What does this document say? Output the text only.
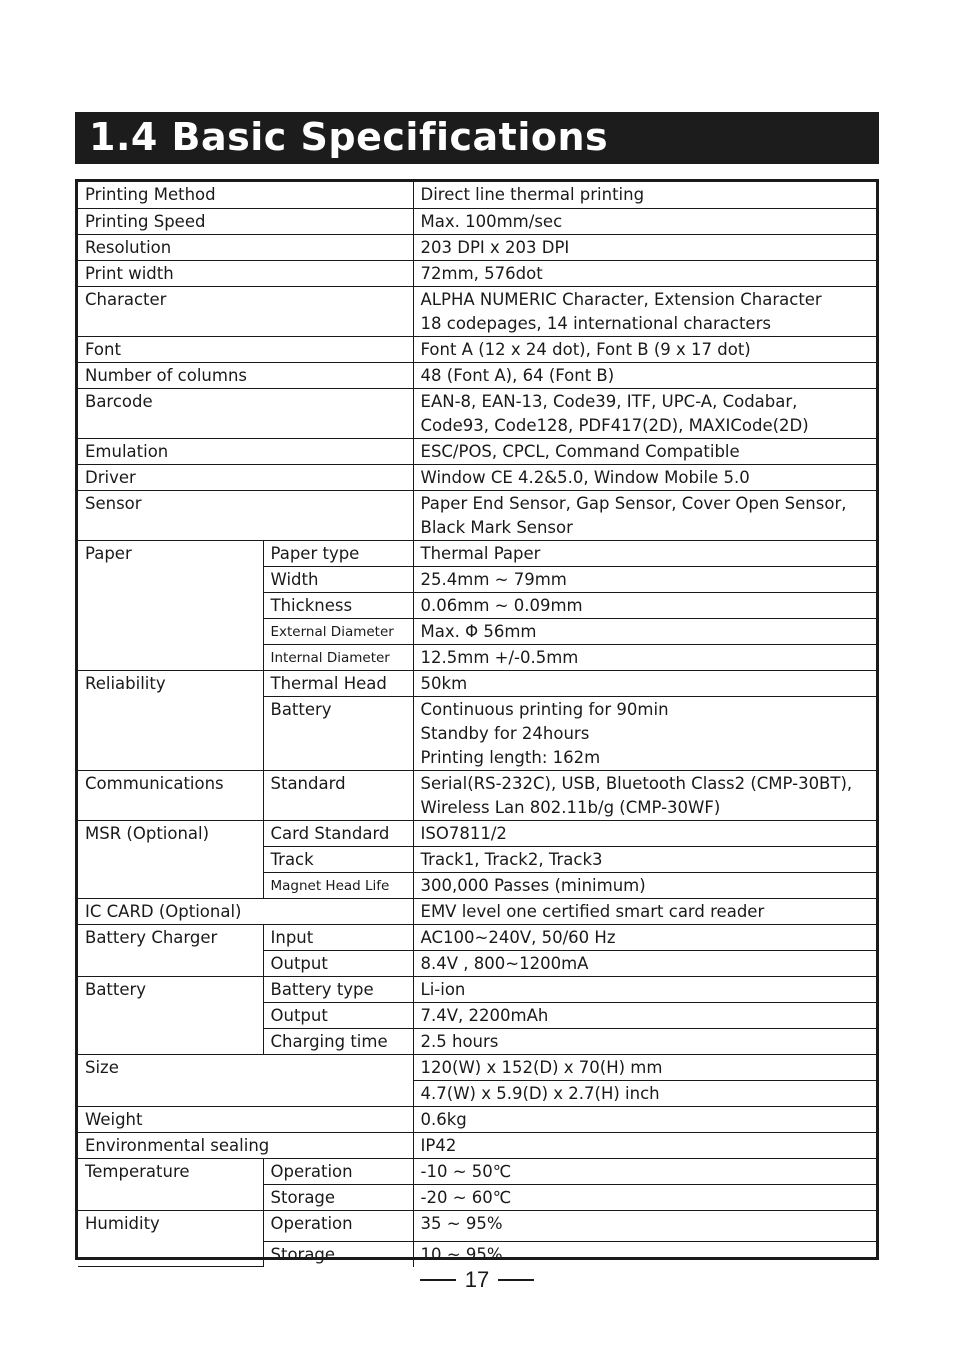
1.4 Basic Specifications
Printing Method		Direct line thermal printing

Printing Speed		Max. 100mm/sec

Resolution		203 DPI x 203 DPI

Print width		72mm, 576dot

Character		ALPHA NUMERIC Character, Extension Character
18 codepages, 14 international characters

Font		Font A (12 x 24 dot), Font B (9 x 17 dot)

Number of columns		48 (Font A), 64 (Font B)

Barcode		EAN-8, EAN-13, Code39, ITF, UPC-A, Codabar,
Code93, Code128, PDF417(2D), MAXICode(2D)

Emulation		ESC/POS, CPCL, Command Compatible

Driver		Window CE 4.2&5.0, Window Mobile 5.0

Sensor		Paper End Sensor, Gap Sensor, Cover Open Sensor,
Black Mark Sensor

Paper	Paper type	Thermal Paper

	Width	25.4mm ~ 79mm

	Thickness	0.06mm ~ 0.09mm

	External Diameter	Max. Φ 56mm

	Internal Diameter	12.5mm +/-0.5mm

Reliability	Thermal Head	50km

	Battery	Continuous printing for 90min
Standby for 24hours
Printing length: 162m

Communications	Standard	Serial(RS-232C), USB, Bluetooth Class2 (CMP-30BT),
Wireless Lan 802.11b/g (CMP-30WF)

MSR (Optional)	Card Standard	ISO7811/2

	Track	Track1, Track2, Track3

	Magnet Head Life	300,000 Passes (minimum)

IC CARD (Optional)		EMV level one certified smart card reader

Battery Charger	Input	AC100~240V, 50/60 Hz

	Output	8.4V , 800~1200mA

Battery	Battery type	Li-ion

	Output	7.4V, 2200mAh

	Charging time	2.5 hours

Size		120(W) x 152(D) x 70(H) mm

		4.7(W) x 5.9(D) x 2.7(H) inch

Weight		0.6kg

Environmental sealing		IP42

Temperature	Operation	-10 ~ 50℃

	Storage	-20 ~ 60℃

Humidity	Operation	35 ~ 95%

	Storage	10 ~ 95%
17
